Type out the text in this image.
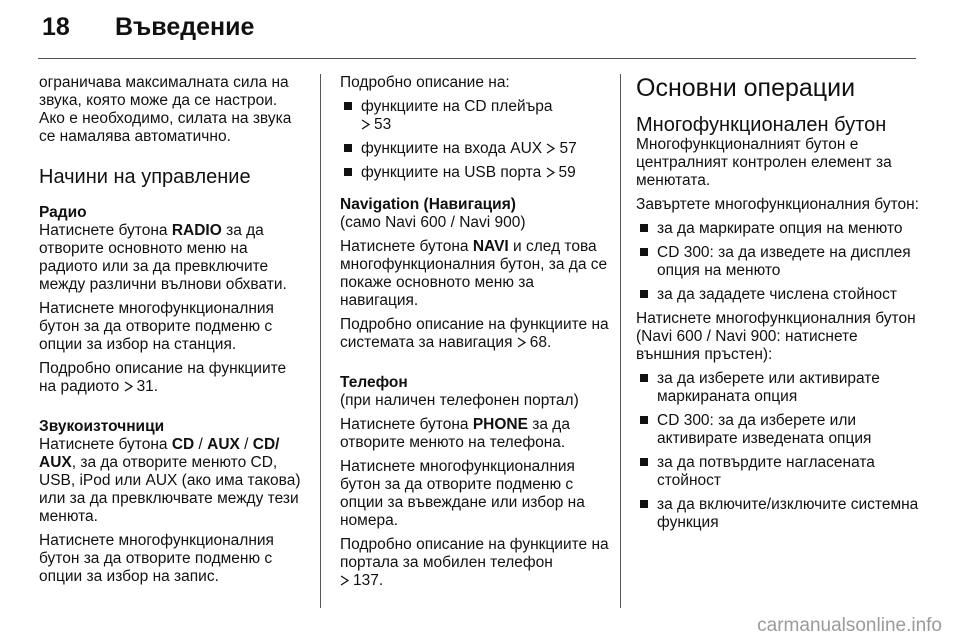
18 Въведение

ограничава максималната сила на звука, която може да се настрои. Ако е необходимо, силата на звука се намалява автоматично.

Начини на управление
Радио

Натиснете бутона RADIO за да отворите основното меню на радиото или за да превключите между различни вълнови обхвати.

Натиснете многофункционалния бутон за да отворите подменю с опции за избор на станция.

Подробно описание на функциите на радиото 31.

Звукоизточници

Натиснете бутона CD / AUX / CD/ AUX, за да отворите менюто CD, USB, iPod или AUX (ако има такова) или за да превключвате между тези менюта.

Натиснете многофункционалния бутон за да отворите подменю с опции за избор на запис.

Подробно описание на:

функциите на CD плейъра
53
функциите на входа AUX 57
функциите на USB порта 59
Navigation (Навигация)

(само Navi 600 / Navi 900)

Натиснете бутона NAVI и след това многофункционалния бутон, за да се покаже основното меню за навигация.

Подробно описание на функциите на системата за навигация 68.

Телефон

(при наличен телефонен портал)

Натиснете бутона PHONE за да отворите менюто на телефона.

Натиснете многофункционалния бутон за да отворите подменю с опции за въвеждане или избор на номера.

Подробно описание на функциите на портала за мобилен телефон
137.

Основни операции
Многофункционален бутон

Многофункционалният бутон е централният контролен елемент за менютата.

Завъртете многофункционалния бутон:

за да маркирате опция на менюто
CD 300: за да изведете на дисплея опция на менюто
за да зададете числена стойност

Натиснете многофункционалния бутон (Navi 600 / Navi 900: натиснете външния пръстен):

за да изберете или активирате маркираната опция
CD 300: за да изберете или активирате изведената опция
за да потвърдите нагласената стойност
за да включите/изключите системна функция
carmanualsonline.info
